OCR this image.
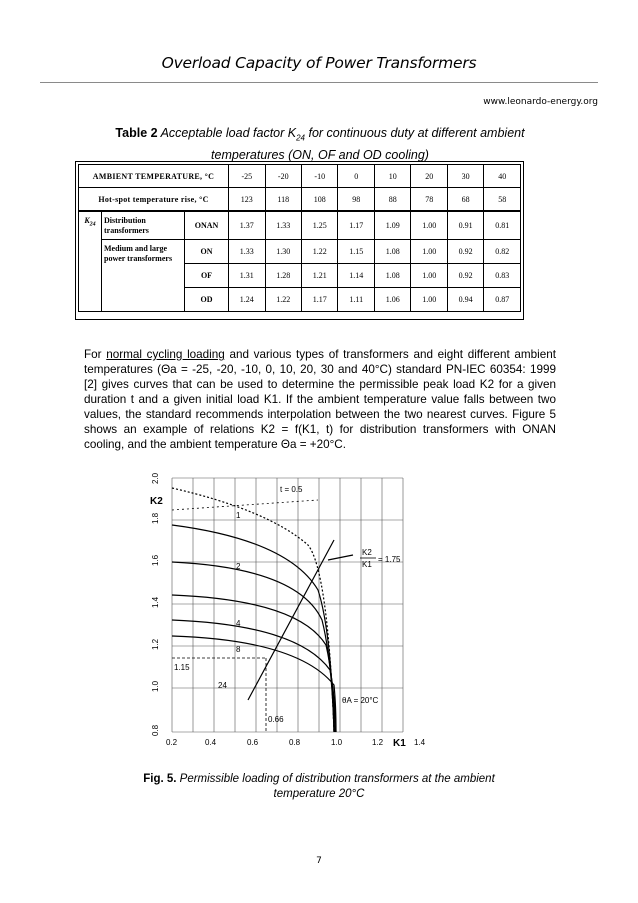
Overload Capacity of Power Transformers
www.leonardo-energy.org
Table 2 Acceptable load factor $K_{24}$ for continuous duty at different ambient
temperatures (ON, OF and OD cooling)
AMBIENT TEMPERATURE, °C			-25	-20	-10	0	10	20	30	40
Hot-spot temperature rise, °C			123	118	108	98	88	78	68	58
$K_{24}$	Distribution transformers	ONAN	1.37	1.33	1.25	1.17	1.09	1.00	0.91	0.81
	Medium and large power transformers	ON	1.33	1.30	1.22	1.15	1.08	1.00	0.92	0.82
		OF	1.31	1.28	1.21	1.14	1.08	1.00	0.92	0.83
		OD	1.24	1.22	1.17	1.11	1.06	1.00	0.94	0.87

For normal cycling loading and various types of transformers and eight different ambient temperatures (Θa = -25, -20, -10, 0, 10, 20, 30 and 40°C) standard PN-IEC 60354: 1999 [2] gives curves that can be used to determine the permissible peak load K2 for a given duration t and a given initial load K1. If the ambient temperature value falls between two values, the standard recommends interpolation between the two nearest curves. Figure 5 shows an example of relations K2 = f(K1, t) for distribution transformers with ONAN cooling, and the ambient temperature Θa = +20°C.

0.8
1.0
1.2
1.4
1.6
1.8
2.0
K2
0.2	0.4	0.6	0.8	1.0	1.2 K1 1.4
t = 0.5
1
2
4
8
24
K2
K1
= 1.75
1.15
0.66
θA = 20°C
Fig. 5. Permissible loading of distribution transformers at the ambient
temperature 20°C
7
